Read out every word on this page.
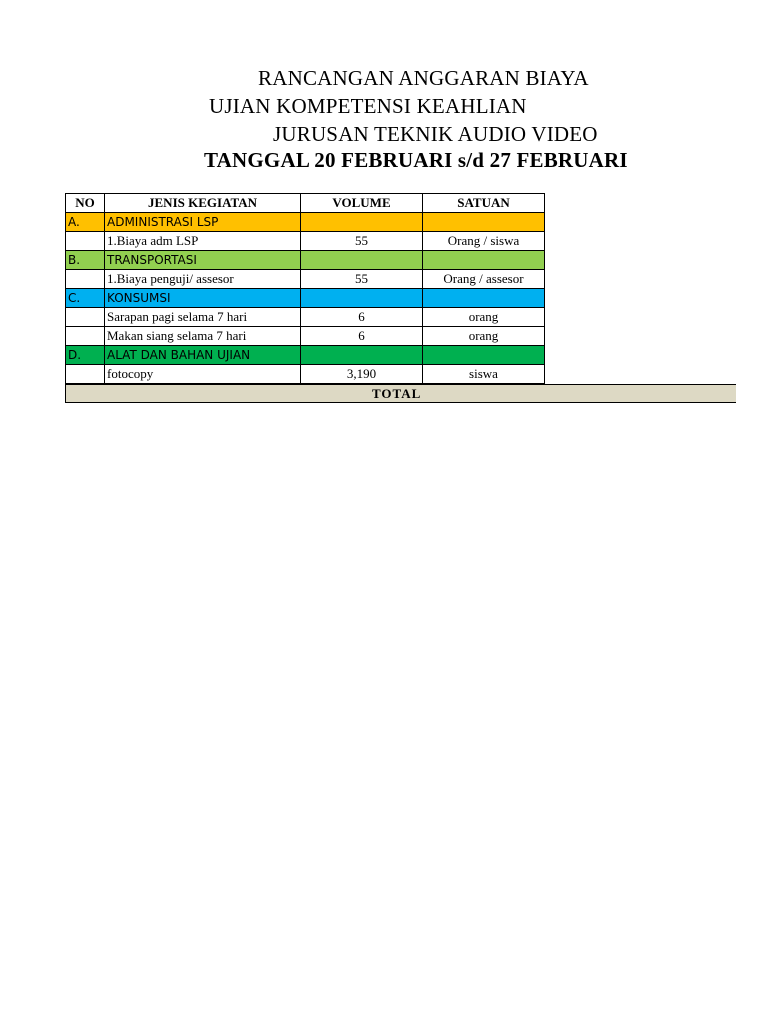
RANCANGAN ANGGARAN BIAYA
UJIAN KOMPETENSI KEAHLIAN
JURUSAN TEKNIK AUDIO VIDEO
TANGGAL 20 FEBRUARI s/d 27 FEBRUARI
NO	JENIS KEGIATAN	VOLUME	SATUAN
A.	ADMINISTRASI LSP		
	1.Biaya adm LSP	55	Orang / siswa
B.	TRANSPORTASI		
	1.Biaya penguji/ assesor	55	Orang / assesor
C.	KONSUMSI		
	Sarapan pagi selama 7 hari	6	orang
	Makan siang selama 7 hari	6	orang
D.	ALAT DAN BAHAN UJIAN		
	fotocopy	3,190	siswa
TOTAL
